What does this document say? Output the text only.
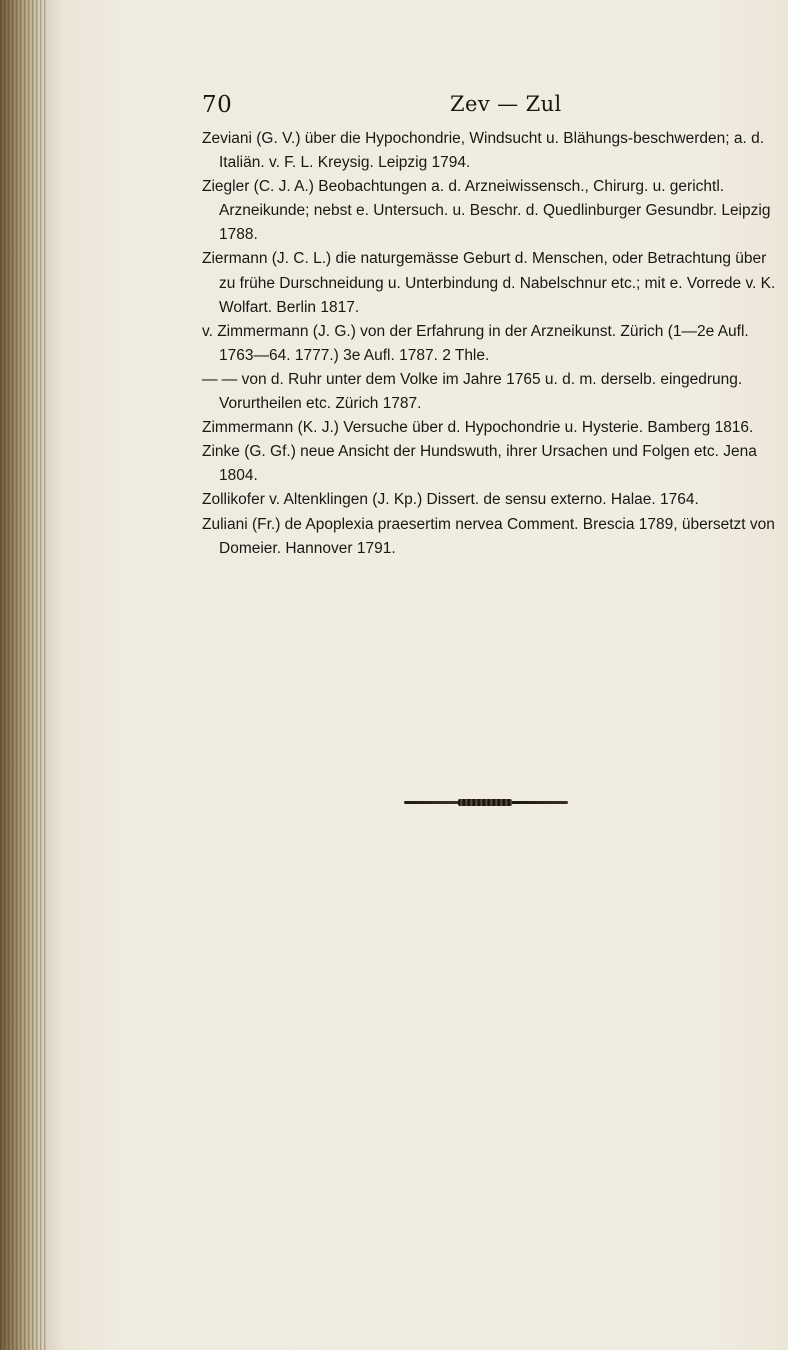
70	Zev — Zul

Zeviani (G. V.) über die Hypochondrie, Windsucht u. Blähungs-beschwerden; a. d. Italiän. v. F. L. Kreysig. Leipzig 1794.

Ziegler (C. J. A.) Beobachtungen a. d. Arzneiwissensch., Chirurg. u. gerichtl. Arzneikunde; nebst e. Untersuch. u. Beschr. d. Quedlinburger Gesundbr. Leipzig 1788.

Ziermann (J. C. L.) die naturgemässe Geburt d. Menschen, oder Betrachtung über zu frühe Durschneidung u. Unterbindung d. Nabelschnur etc.; mit e. Vorrede v. K. Wolfart. Berlin 1817.

v. Zimmermann (J. G.) von der Erfahrung in der Arzneikunst. Zürich (1—2e Aufl. 1763—64. 1777.) 3e Aufl. 1787. 2 Thle.

— — von d. Ruhr unter dem Volke im Jahre 1765 u. d. m. derselb. eingedrung. Vorurtheilen etc. Zürich 1787.

Zimmermann (K. J.) Versuche über d. Hypochondrie u. Hysterie. Bamberg 1816.

Zinke (G. Gf.) neue Ansicht der Hundswuth, ihrer Ursachen und Folgen etc. Jena 1804.

Zollikofer v. Altenklingen (J. Kp.) Dissert. de sensu externo. Halae. 1764.

Zuliani (Fr.) de Apoplexia praesertim nervea Comment. Brescia 1789, übersetzt von Domeier. Hannover 1791.
